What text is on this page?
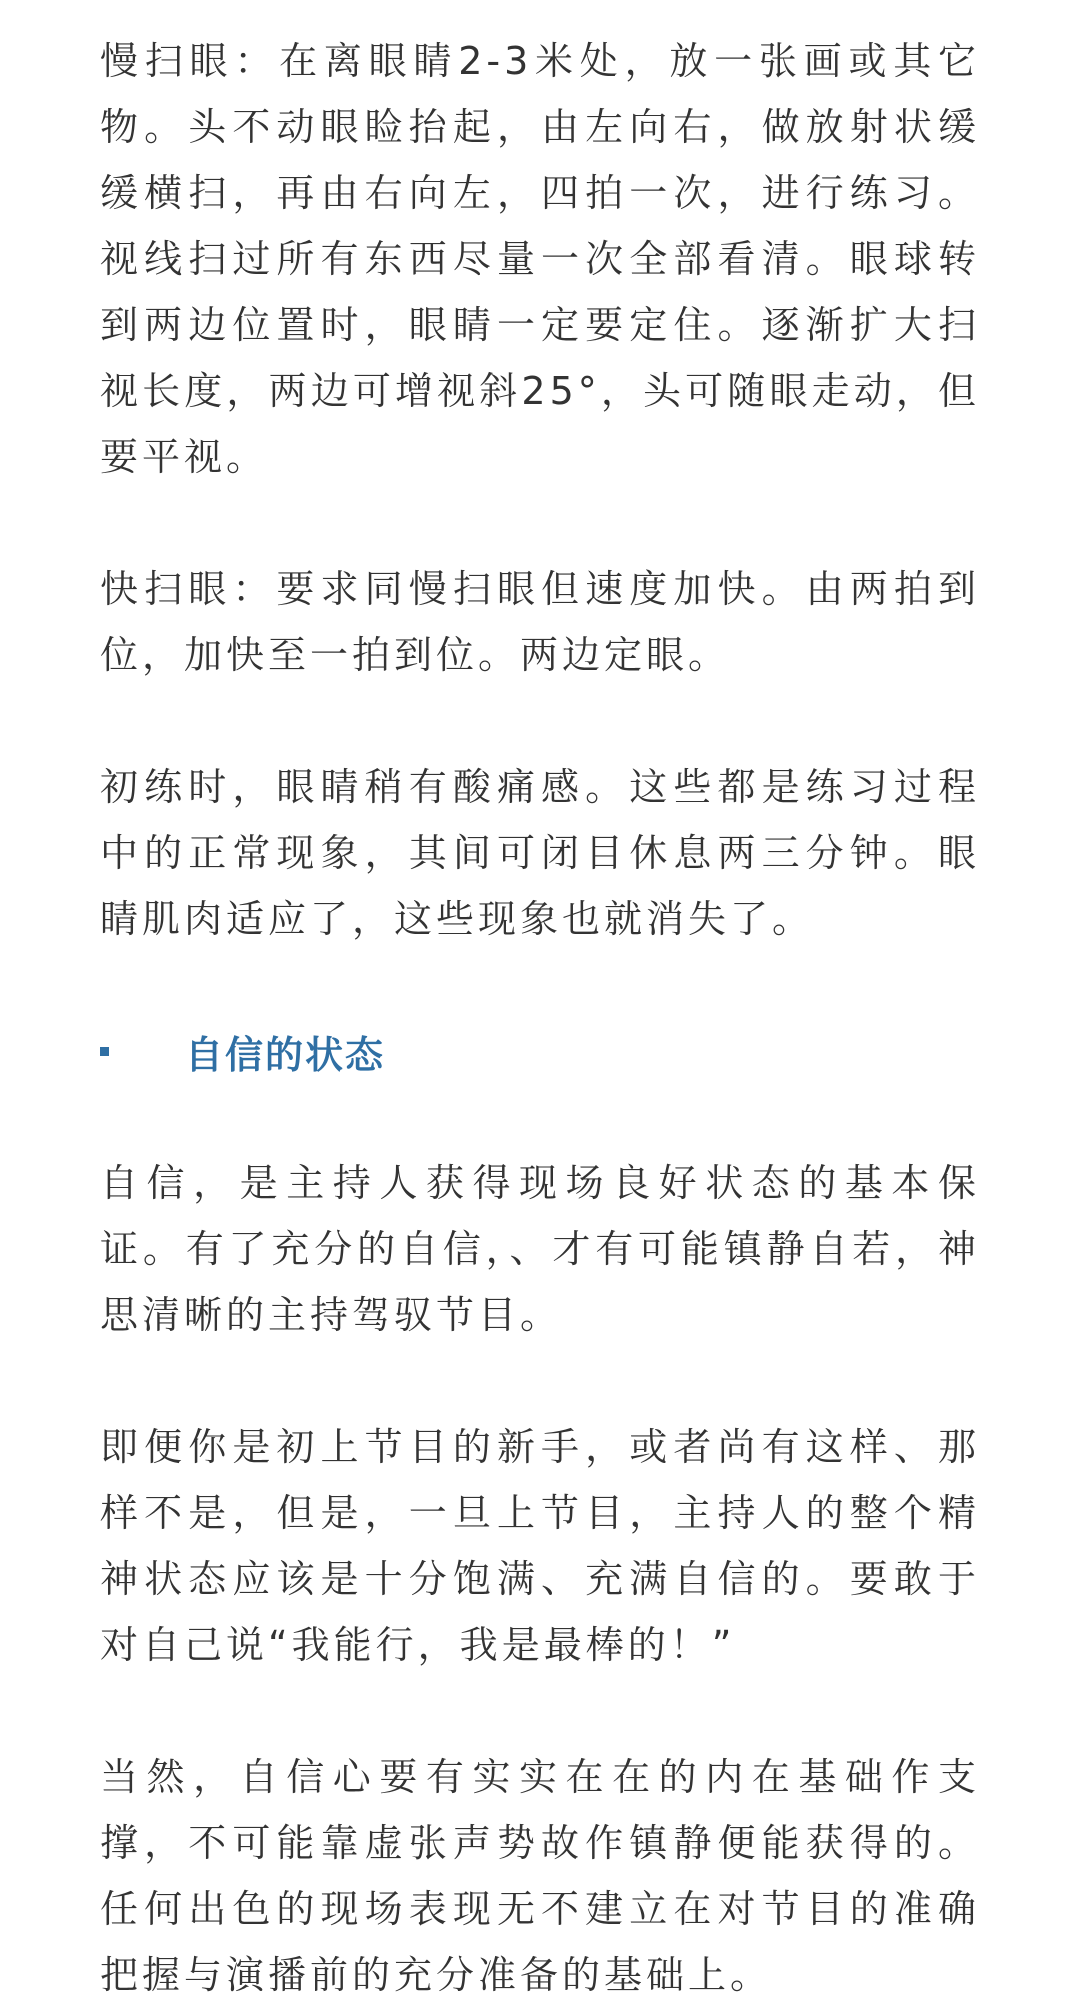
慢扫眼：在离眼睛2-3米处，放一张画或其它物。头不动眼睑抬起，由左向右，做放射状缓缓横扫，再由右向左，四拍一次，进行练习。视线扫过所有东西尽量一次全部看清。眼球转到两边位置时，眼睛一定要定住。逐渐扩大扫视长度，两边可增视斜25°，头可随眼走动，但要平视。

快扫眼：要求同慢扫眼但速度加快。由两拍到位，加快至一拍到位。两边定眼。

初练时，眼睛稍有酸痛感。这些都是练习过程中的正常现象，其间可闭目休息两三分钟。眼睛肌肉适应了，这些现象也就消失了。

自信的状态

自信，是主持人获得现场良好状态的基本保证。有了充分的自信，、才有可能镇静自若，神思清晰的主持驾驭节目。

即便你是初上节目的新手，或者尚有这样、那样不是，但是，一旦上节目，主持人的整个精神状态应该是十分饱满、充满自信的。要敢于对自己说“我能行，我是最棒的！”

当然，自信心要有实实在在的内在基础作支撑，不可能靠虚张声势故作镇静便能获得的。任何出色的现场表现无不建立在对节目的准确把握与演播前的充分准备的基础上。
